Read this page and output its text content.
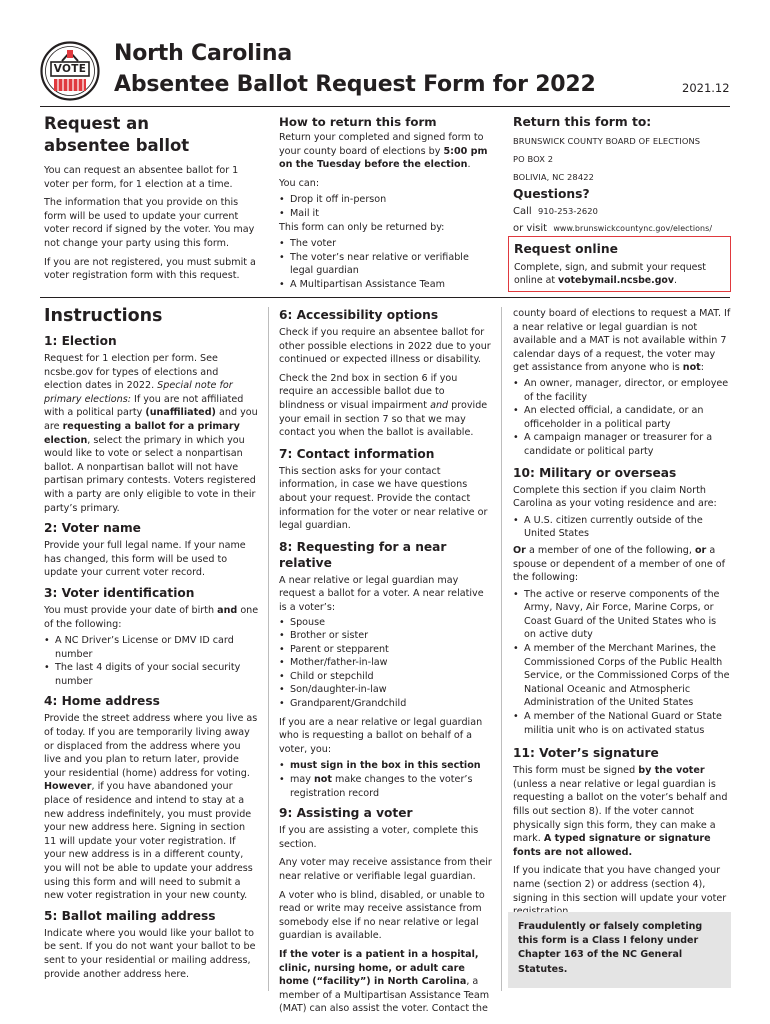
VOTE
North Carolina
Absentee Ballot Request Form for 2022	2021.12
Request an
absentee ballot

You can request an absentee ballot for 1 voter per form, for 1 election at a time.

The information that you provide on this form will be used to update your current voter record if signed by the voter. You may not change your party using this form.

If you are not registered, you must submit a voter registration form with this request.

How to return this form

Return your completed and signed form to your county board of elections by 5:00 pm on the Tuesday before the election.

You can:

• Drop it off in-person
• Mail it

This form can only be returned by:

• The voter
• The voter’s near relative or verifiable legal guardian
• A Multipartisan Assistance Team
Return this form to:
BRUNSWICK COUNTY BOARD OF ELECTIONS
PO BOX 2
BOLIVIA, NC 28422
Questions?
Call 910-253-2620
or visit www.brunswickcountync.gov/elections/
Request online

Complete, sign, and submit your request online at votebymail.ncsbe.gov.

Instructions
1: Election

Request for 1 election per form. See ncsbe.gov for types of elections and election dates in 2022. Special note for primary elections: If you are not affiliated with a political party (unaffiliated) and you are requesting a ballot for a primary election, select the primary in which you would like to vote or select a nonpartisan ballot. A nonpartisan ballot will not have partisan primary contests. Voters registered with a party are only eligible to vote in their party’s primary.

2: Voter name

Provide your full legal name. If your name has changed, this form will be used to update your current voter record.

3: Voter identification

You must provide your date of birth and one of the following:

• A NC Driver’s License or DMV ID card number
• The last 4 digits of your social security number
4: Home address

Provide the street address where you live as of today. If you are temporarily living away or displaced from the address where you live and you plan to return later, provide your residential (home) address for voting. However, if you have abandoned your place of residence and intend to stay at a new address indefinitely, you must provide your new address here. Signing in section 11 will update your voter registration. If your new address is in a different county, you will not be able to update your address using this form and will need to submit a new voter registration in your new county.

5: Ballot mailing address

Indicate where you would like your ballot to be sent. If you do not want your ballot to be sent to your residential or mailing address, provide another address here.

6: Accessibility options

Check if you require an absentee ballot for other possible elections in 2022 due to your continued or expected illness or disability.

Check the 2nd box in section 6 if you require an accessible ballot due to blindness or visual impairment and provide your email in section 7 so that we may contact you when the ballot is available.

7: Contact information

This section asks for your contact information, in case we have questions about your request. Provide the contact information for the voter or near relative or legal guardian.

8: Requesting for a near relative

A near relative or legal guardian may request a ballot for a voter. A near relative is a voter’s:

• Spouse
• Brother or sister
• Parent or stepparent
• Mother/father-in-law
• Child or stepchild
• Son/daughter-in-law
• Grandparent/Grandchild

If you are a near relative or legal guardian who is requesting a ballot on behalf of a voter, you:

• must sign in the box in this section
• may not make changes to the voter’s registration record
9: Assisting a voter

If you are assisting a voter, complete this section.

Any voter may receive assistance from their near relative or verifiable legal guardian.

A voter who is blind, disabled, or unable to read or write may receive assistance from somebody else if no near relative or legal guardian is available.

If the voter is a patient in a hospital, clinic, nursing home, or adult care home (“facility”) in North Carolina, a member of a Multipartisan Assistance Team (MAT) can also assist the voter. Contact the

county board of elections to request a MAT. If a near relative or legal guardian is not available and a MAT is not available within 7 calendar days of a request, the voter may get assistance from anyone who is not:

• An owner, manager, director, or employee of the facility
• An elected official, a candidate, or an officeholder in a political party
• A campaign manager or treasurer for a candidate or political party
10: Military or overseas

Complete this section if you claim North Carolina as your voting residence and are:

• A U.S. citizen currently outside of the United States

Or a member of one of the following, or a spouse or dependent of a member of one of the following:

• The active or reserve components of the Army, Navy, Air Force, Marine Corps, or Coast Guard of the United States who is on active duty
• A member of the Merchant Marines, the Commissioned Corps of the Public Health Service, or the Commissioned Corps of the National Oceanic and Atmospheric Administration of the United States
• A member of the National Guard or State militia unit who is on activated status
11: Voter’s signature

This form must be signed by the voter (unless a near relative or legal guardian is requesting a ballot on the voter’s behalf and fills out section 8). If the voter cannot physically sign this form, they can make a mark. A typed signature or signature fonts are not allowed.

If you indicate that you have changed your name (section 2) or address (section 4), signing in this section will update your voter

Fraudulently or falsely completing this form is a Class I felony under Chapter 163 of the NC General Statutes.
